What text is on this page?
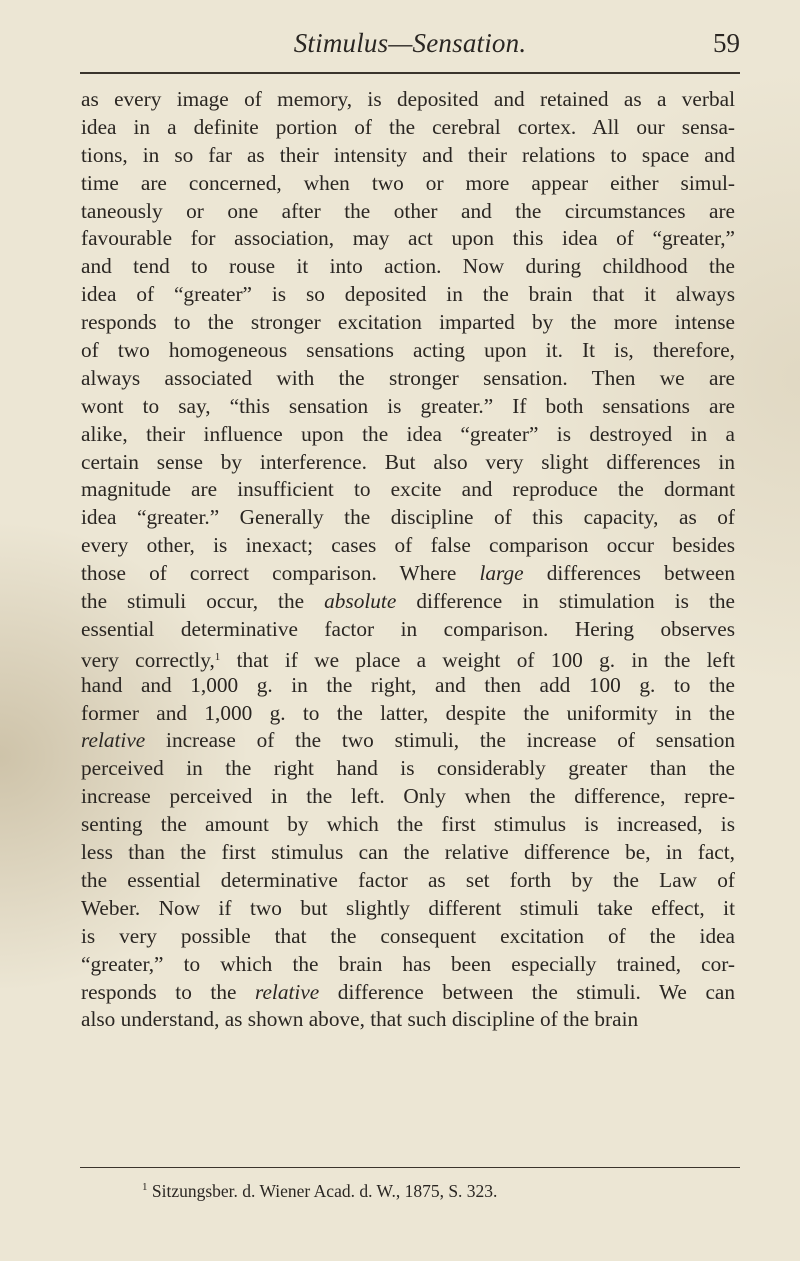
Stimulus—Sensation.	59
as every image of memory, is deposited and retained as a verbal
idea in a definite portion of the cerebral cortex. All our sensa-
tions, in so far as their intensity and their relations to space and
time are concerned, when two or more appear either simul-
taneously or one after the other and the circumstances are
favourable for association, may act upon this idea of “greater,”
and tend to rouse it into action. Now during childhood the
idea of “greater” is so deposited in the brain that it always
responds to the stronger excitation imparted by the more intense
of two homogeneous sensations acting upon it. It is, therefore,
always associated with the stronger sensation. Then we are
wont to say, “this sensation is greater.” If both sensations are
alike, their influence upon the idea “greater” is destroyed in a
certain sense by interference. But also very slight differences in
magnitude are insufficient to excite and reproduce the dormant
idea “greater.” Generally the discipline of this capacity, as of
every other, is inexact; cases of false comparison occur besides
those of correct comparison. Where large differences between
the stimuli occur, the absolute difference in stimulation is the
essential determinative factor in comparison. Hering observes
very correctly,$^1$ that if we place a weight of 100 g. in the left
hand and 1,000 g. in the right, and then add 100 g. to the
former and 1,000 g. to the latter, despite the uniformity in the
relative increase of the two stimuli, the increase of sensation
perceived in the right hand is considerably greater than the
increase perceived in the left. Only when the difference, repre-
senting the amount by which the first stimulus is increased, is
less than the first stimulus can the relative difference be, in fact,
the essential determinative factor as set forth by the Law of
Weber. Now if two but slightly different stimuli take effect, it
is very possible that the consequent excitation of the idea
“greater,” to which the brain has been especially trained, cor-
responds to the relative difference between the stimuli. We can
also understand, as shown above, that such discipline of the brain
$^1$ Sitzungsber. d. Wiener Acad. d. W., 1875, S. 323.
